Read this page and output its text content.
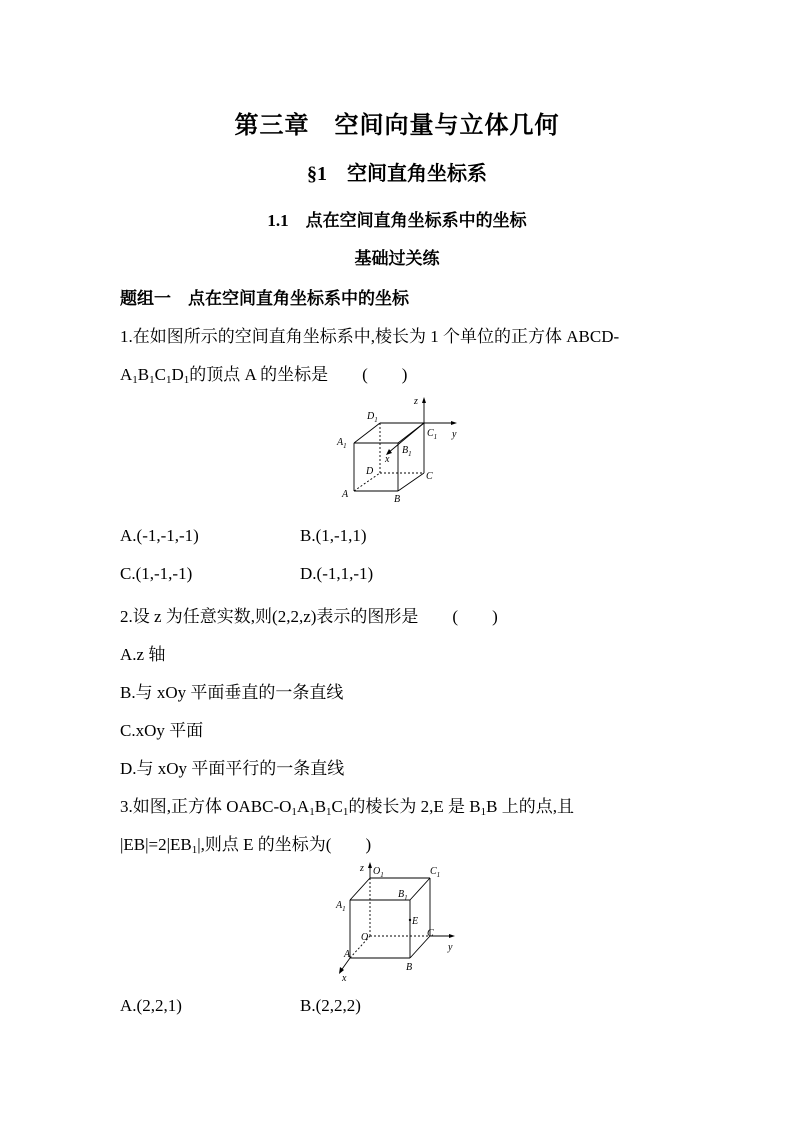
第三章　空间向量与立体几何
§1　空间直角坐标系
1.1　点在空间直角坐标系中的坐标
基础过关练
题组一　点在空间直角坐标系中的坐标
1.在如图所示的空间直角坐标系中,棱长为 1 个单位的正方体 ABCD-
$A_1B_1C_1D_1$的顶点 A 的坐标是　　(　　)
z
y
x
$D_1$
$A_1$	$B_1$
$C_1$
D
A	B
C
A.(-1,-1,-1)	B.(1,-1,1)
C.(1,-1,-1)	D.(-1,1,-1)
2.设 z 为任意实数,则(2,2,z)表示的图形是　　(　　)
A.z 轴
B.与 xOy 平面垂直的一条直线
C.xOy 平面
D.与 xOy 平面平行的一条直线
3.如图,正方体 OABC-$O_1A_1B_1C_1$的棱长为 2,E 是 $B_1B$ 上的点,且
$|EB|=2|EB_1|$,则点 E 的坐标为(　　)
z
y
x
$O_1$
$A_1$
$B_1$
$C_1$
O
A
B
C
E
A.(2,2,1)	B.(2,2,2)
